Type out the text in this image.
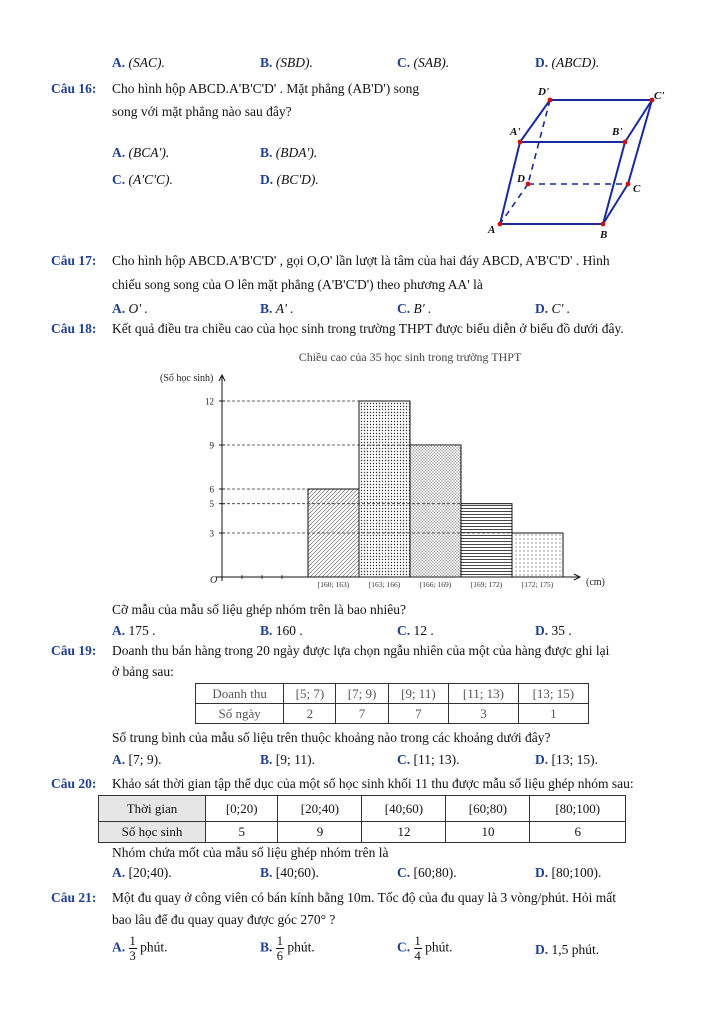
A. (SAC).	B. (SBD).	C. (SAB).	D. (ABCD).
Câu 16: Cho hình hộp ABCD.A'B'C'D' . Mặt phẳng (AB'D') song
song với mặt phẳng nào sau đây?
A. (BCA').	B. (BDA').
C. (A'C'C).	D. (BC'D).
D'	C'
A'	B'
D
C
A	B
Câu 17: Cho hình hộp ABCD.A'B'C'D' , gọi O,O' lần lượt là tâm của hai đáy ABCD, A'B'C'D' . Hình
chiếu song song của O lên mặt phẳng (A'B'C'D') theo phương AA' là
A. O' .	B. A' .	C. B' .	D. C' .
Câu 18: Kết quả điều tra chiều cao của học sinh trong trường THPT được biểu diễn ở biểu đồ dưới đây.
Chiều cao của 35 học sinh trong trường THPT
(Số học sinh)
(cm)
O	[160; 163)	[163; 166)	[166; 169)	[169; 172)	[172; 175)
3
5
6
9
12
Cỡ mẫu của mẫu số liệu ghép nhóm trên là bao nhiêu?
A. 175 .	B. 160 .	C. 12 .	D. 35 .
Câu 19: Doanh thu bán hàng trong 20 ngày được lựa chọn ngẫu nhiên của một của hàng được ghi lại
ở bảng sau:
Doanh thu	[5; 7)	[7; 9)	[9; 11)	[11; 13)	[13; 15)
Số ngày	2	7	7	3	1
Số trung bình của mẫu số liệu trên thuộc khoảng nào trong các khoảng dưới đây?
A. [7; 9).	B. [9; 11).	C. [11; 13).	D. [13; 15).
Câu 20: Khảo sát thời gian tập thể dục của một số học sinh khối 11 thu được mẫu số liệu ghép nhóm sau:
Thời gian	[0;20)	[20;40)	[40;60)	[60;80)	[80;100)
Số học sinh	5	9	12	10	6
Nhóm chứa mốt của mẫu số liệu ghép nhóm trên là
A. [20;40).	B. [40;60).	C. [60;80).	D. [80;100).
Câu 21: Một đu quay ở công viên có bán kính bằng 10m. Tốc độ của đu quay là 3 vòng/phút. Hỏi mất
bao lâu để đu quay quay được góc 270° ?
A. $\frac{1}{3}$ phút.	B. $\frac{1}{6}$ phút.	C. $\frac{1}{4}$ phút.	D. 1,5 phút.
